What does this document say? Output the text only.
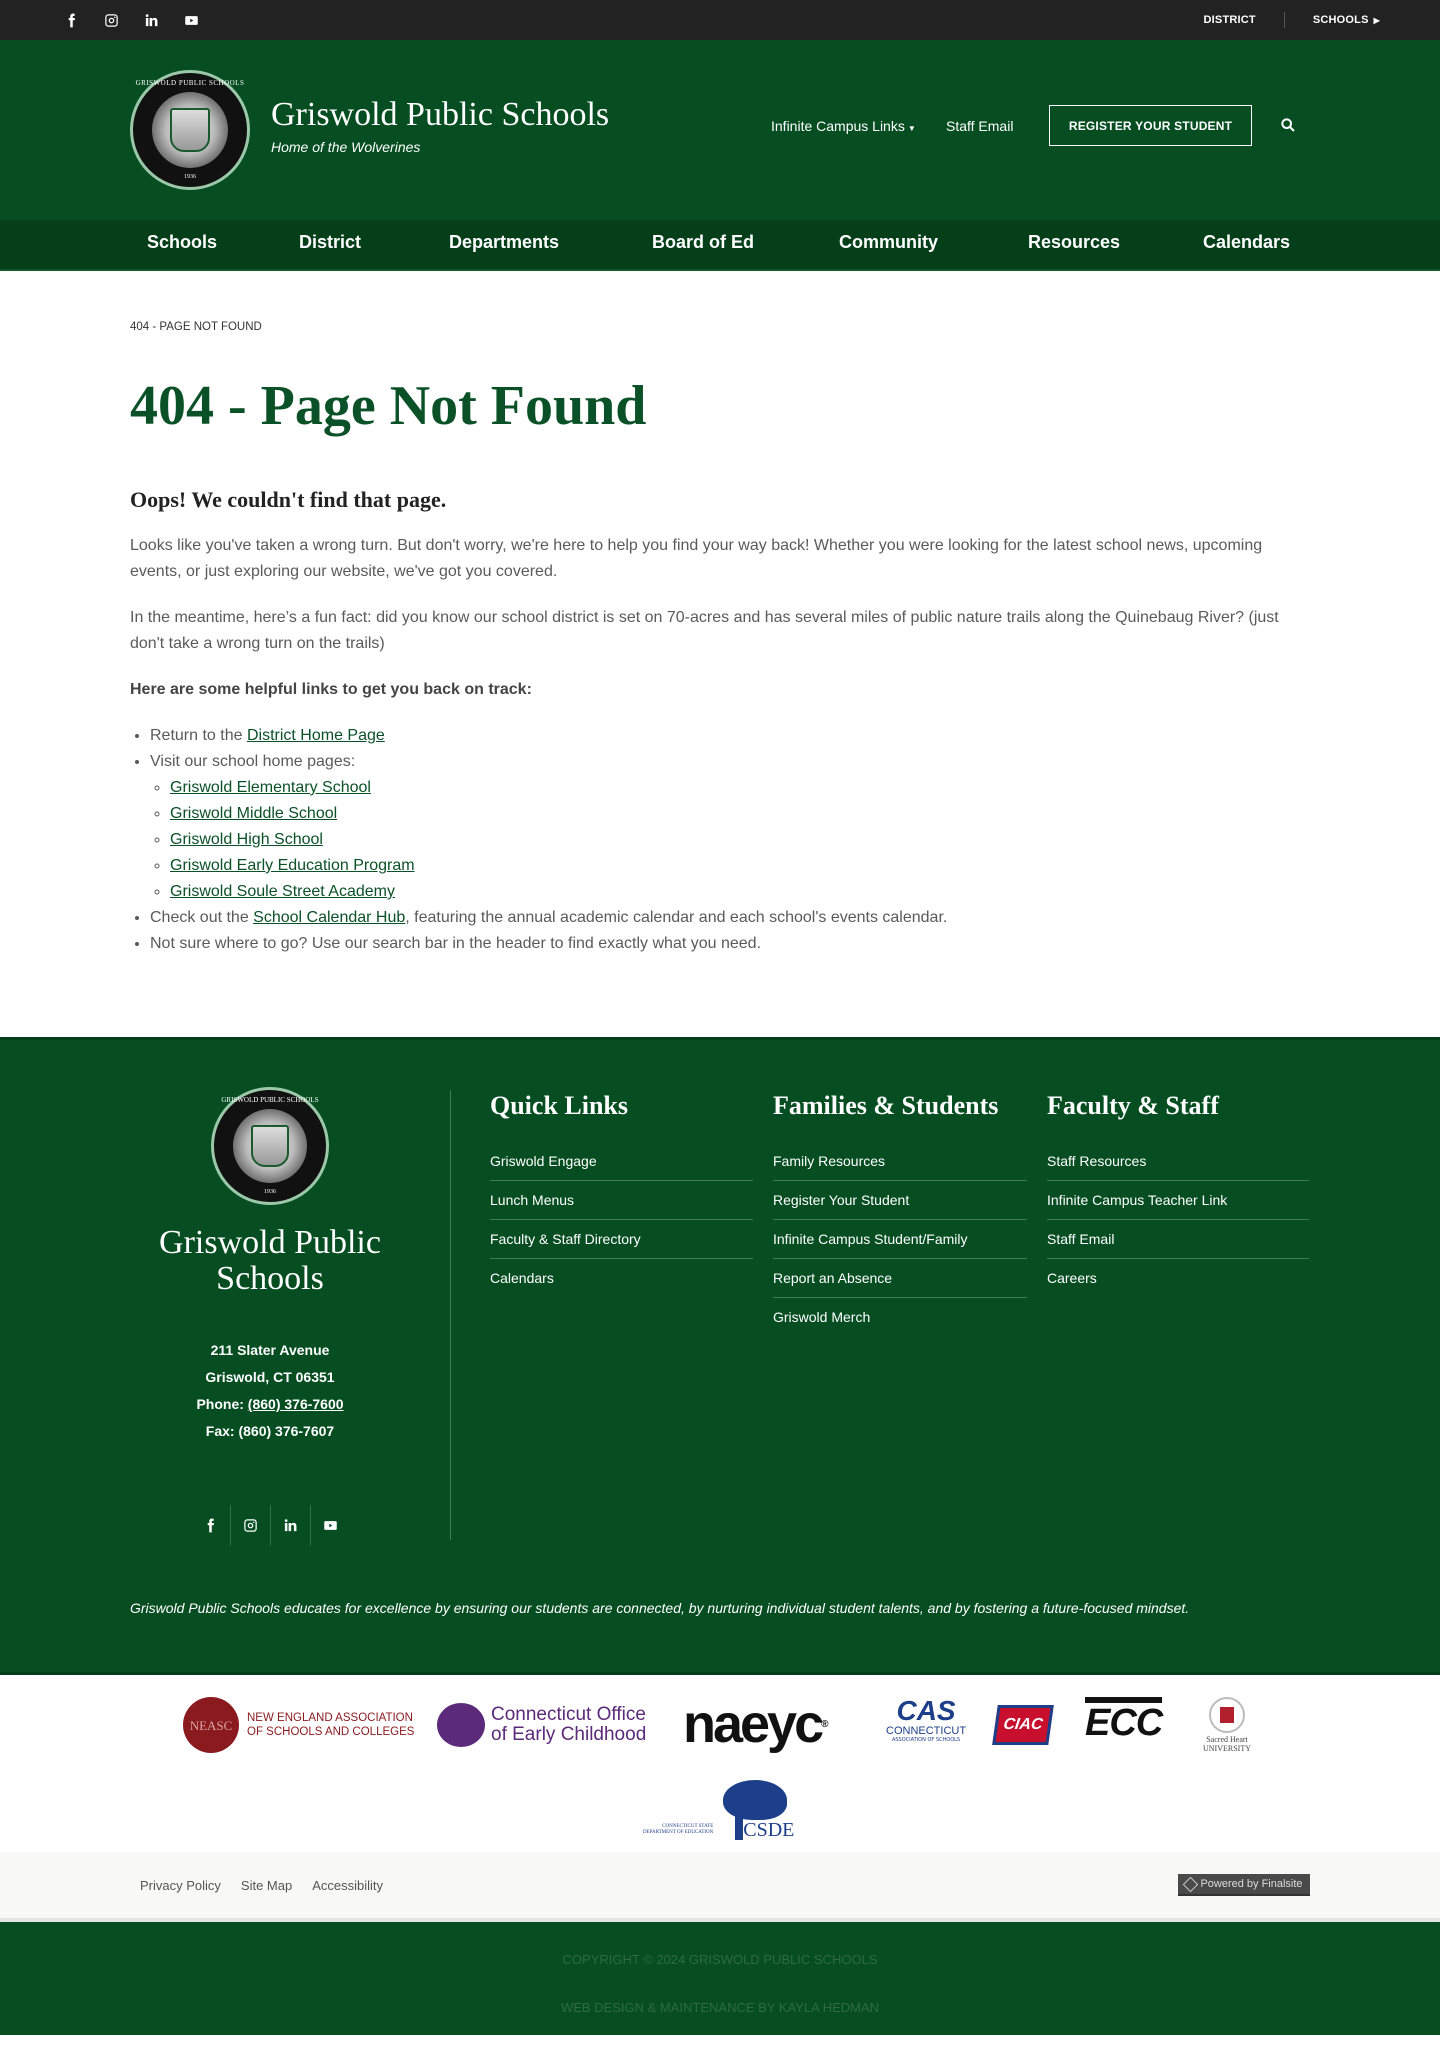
DISTRICT	SCHOOLS ▶
GRISWOLD PUBLIC SCHOOLS
1936
Griswold Public Schools
Home of the Wolverines
Infinite Campus Links ▼ Staff Email	REGISTER YOUR STUDENT
Schools	District	Departments	Board of Ed	Community	Resources	Calendars
404 - PAGE NOT FOUND
404 - Page Not Found
Oops! We couldn't find that page.

Looks like you've taken a wrong turn. But don't worry, we're here to help you find your way back! Whether you were looking for the latest school news, upcoming events, or just exploring our website, we've got you covered.

In the meantime, here’s a fun fact: did you know our school district is set on 70-acres and has several miles of public nature trails along the Quinebaug River? (just don't take a wrong turn on the trails)

Here are some helpful links to get you back on track:

• Return to the District Home Page
• Visit our school home pages:
◦ Griswold Elementary School
◦ Griswold Middle School
◦ Griswold High School
◦ Griswold Early Education Program
◦ Griswold Soule Street Academy
• Check out the School Calendar Hub, featuring the annual academic calendar and each school's events calendar.
• Not sure where to go? Use our search bar in the header to find exactly what you need.
GRISWOLD PUBLIC SCHOOLS
1936
Griswold Public Schools
211 Slater Avenue
Griswold, CT 06351
Phone: (860) 376-7600
Fax: (860) 376-7607
Quick Links
Griswold Engage
Lunch Menus
Faculty & Staff Directory
Calendars
Families & Students
Family Resources
Register Your Student
Infinite Campus Student/Family
Report an Absence
Griswold Merch
Faculty & Staff
Staff Resources
Infinite Campus Teacher Link
Staff Email
Careers
Griswold Public Schools educates for excellence by ensuring our students are connected, by nurturing individual student talents, and by fostering a future-focused mindset.
NEASC	NEW ENGLAND ASSOCIATION
OF SCHOOLS AND COLLEGES
Connecticut Office
of Early Childhood naeyc ® CAS
CONNECTICUT
ASSOCIATION OF SCHOOLS
CIAC ECC	Sacred Heart
UNIVERSITY
CONNECTICUT STATE
DEPARTMENT OF EDUCATION CSDE
Privacy Policy Site Map Accessibility	Powered by Finalsite
COPYRIGHT © 2024 GRISWOLD PUBLIC SCHOOLS
WEB DESIGN & MAINTENANCE BY KAYLA HEDMAN
